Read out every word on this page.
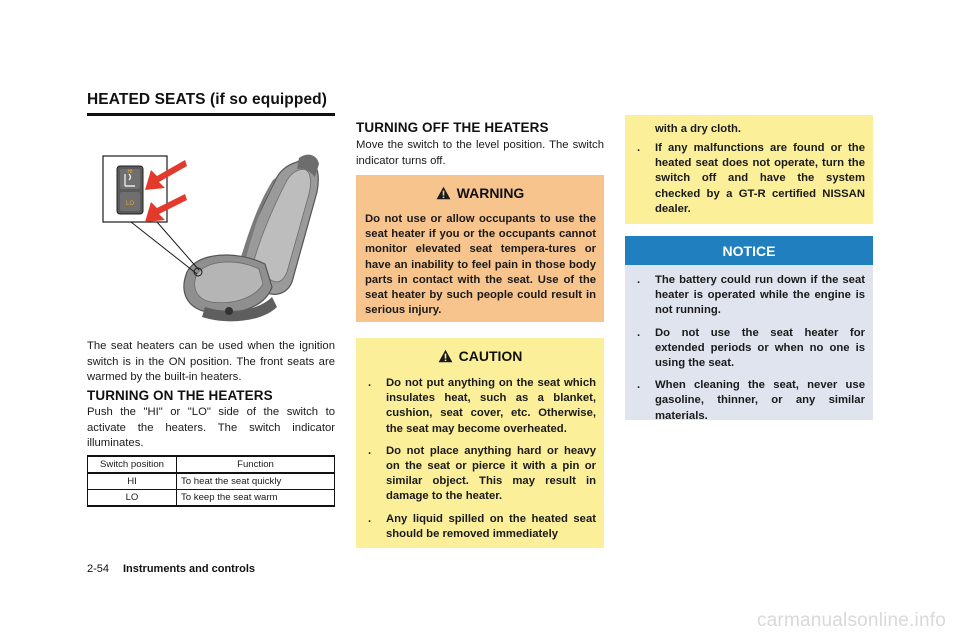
HEATED SEATS (if so equipped)
LO
HI

The seat heaters can be used when the ignition switch is in the ON position. The front seats are warmed by the built-in heaters.

TURNING ON THE HEATERS

Push the "HI" or "LO" side of the switch to activate the heaters. The switch indicator illuminates.

Switch position	Function
HI	To heat the seat quickly
LO	To keep the seat warm
TURNING OFF THE HEATERS

Move the switch to the level position. The switch indicator turns off.

WARNING

Do not use or allow occupants to use the seat heater if you or the occupants cannot monitor elevated seat tempera-tures or have an inability to feel pain in those body parts in contact with the seat. Use of the seat heater by such people could result in serious injury.

CAUTION
. Do not put anything on the seat which insulates heat, such as a blanket, cushion, seat cover, etc. Otherwise, the seat may become overheated.
. Do not place anything hard or heavy on the seat or pierce it with a pin or similar object. This may result in damage to the heater.
. Any liquid spilled on the heated seat should be removed immediately
with a dry cloth.
. If any malfunctions are found or the heated seat does not operate, turn the switch off and have the system checked by a GT-R certified NISSAN dealer.
NOTICE
. The battery could run down if the seat heater is operated while the engine is not running.
. Do not use the seat heater for extended periods or when no one is using the seat.
. When cleaning the seat, never use gasoline, thinner, or any similar materials.
2-54 Instruments and controls
carmanualsonline.info
